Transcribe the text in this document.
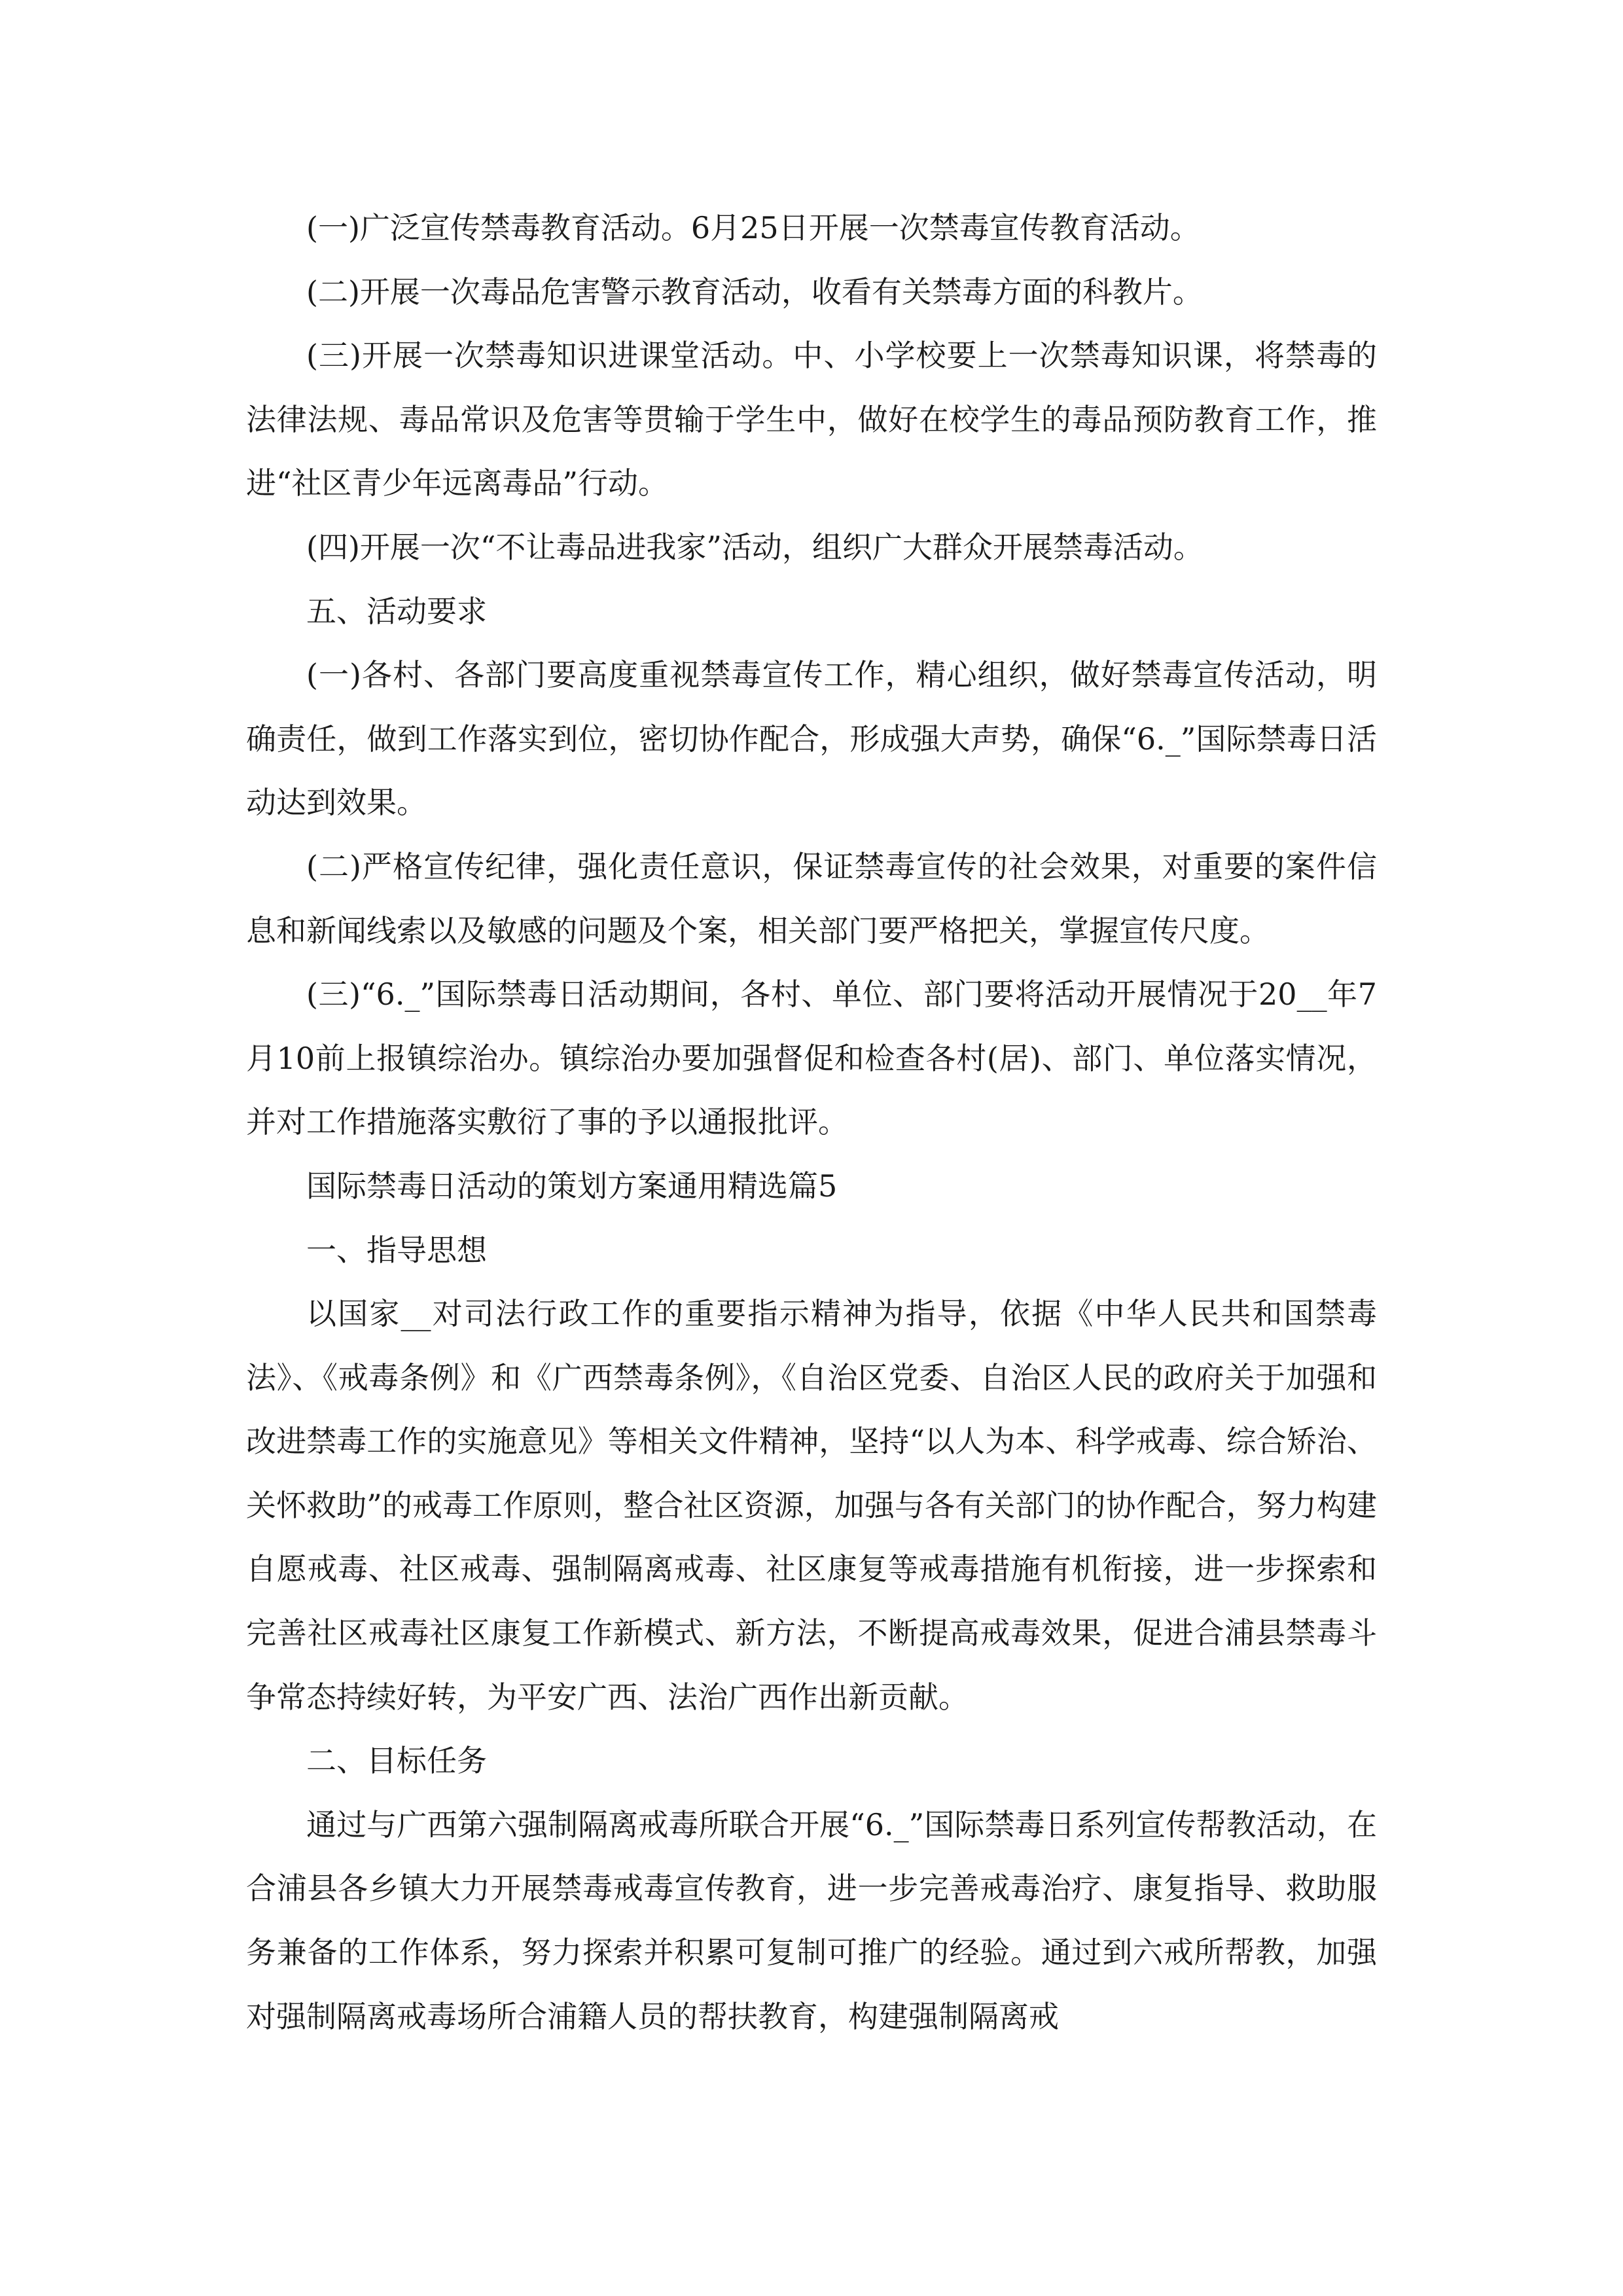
(一)广泛宣传禁毒教育活动。6月25日开展一次禁毒宣传教育活动。

(二)开展一次毒品危害警示教育活动，收看有关禁毒方面的科教片。

(三)开展一次禁毒知识进课堂活动。中、小学校要上一次禁毒知识课，将禁毒的法律法规、毒品常识及危害等贯输于学生中，做好在校学生的毒品预防教育工作，推进“社区青少年远离毒品”行动。

(四)开展一次“不让毒品进我家”活动，组织广大群众开展禁毒活动。

五、活动要求

(一)各村、各部门要高度重视禁毒宣传工作，精心组织，做好禁毒宣传活动，明确责任，做到工作落实到位，密切协作配合，形成强大声势，确保“6._”国际禁毒日活动达到效果。

(二)严格宣传纪律，强化责任意识，保证禁毒宣传的社会效果，对重要的案件信息和新闻线索以及敏感的问题及个案，相关部门要严格把关，掌握宣传尺度。

(三)“6._”国际禁毒日活动期间，各村、单位、部门要将活动开展情况于20__年7月10前上报镇综治办。镇综治办要加强督促和检查各村(居)、部门、单位落实情况，并对工作措施落实敷衍了事的予以通报批评。

国际禁毒日活动的策划方案通用精选篇5

一、指导思想

以国家__对司法行政工作的重要指示精神为指导，依据《中华人民共和国禁毒法》、《戒毒条例》和《广西禁毒条例》，《自治区党委、自治区人民的政府关于加强和改进禁毒工作的实施意见》等相关文件精神，坚持“以人为本、科学戒毒、综合矫治、关怀救助”的戒毒工作原则，整合社区资源，加强与各有关部门的协作配合，努力构建自愿戒毒、社区戒毒、强制隔离戒毒、社区康复等戒毒措施有机衔接，进一步探索和完善社区戒毒社区康复工作新模式、新方法，不断提高戒毒效果，促进合浦县禁毒斗争常态持续好转，为平安广西、法治广西作出新贡献。

二、目标任务

通过与广西第六强制隔离戒毒所联合开展“6._”国际禁毒日系列宣传帮教活动，在合浦县各乡镇大力开展禁毒戒毒宣传教育，进一步完善戒毒治疗、康复指导、救助服务兼备的工作体系，努力探索并积累可复制可推广的经验。通过到六戒所帮教，加强对强制隔离戒毒场所合浦籍人员的帮扶教育，构建强制隔离戒
